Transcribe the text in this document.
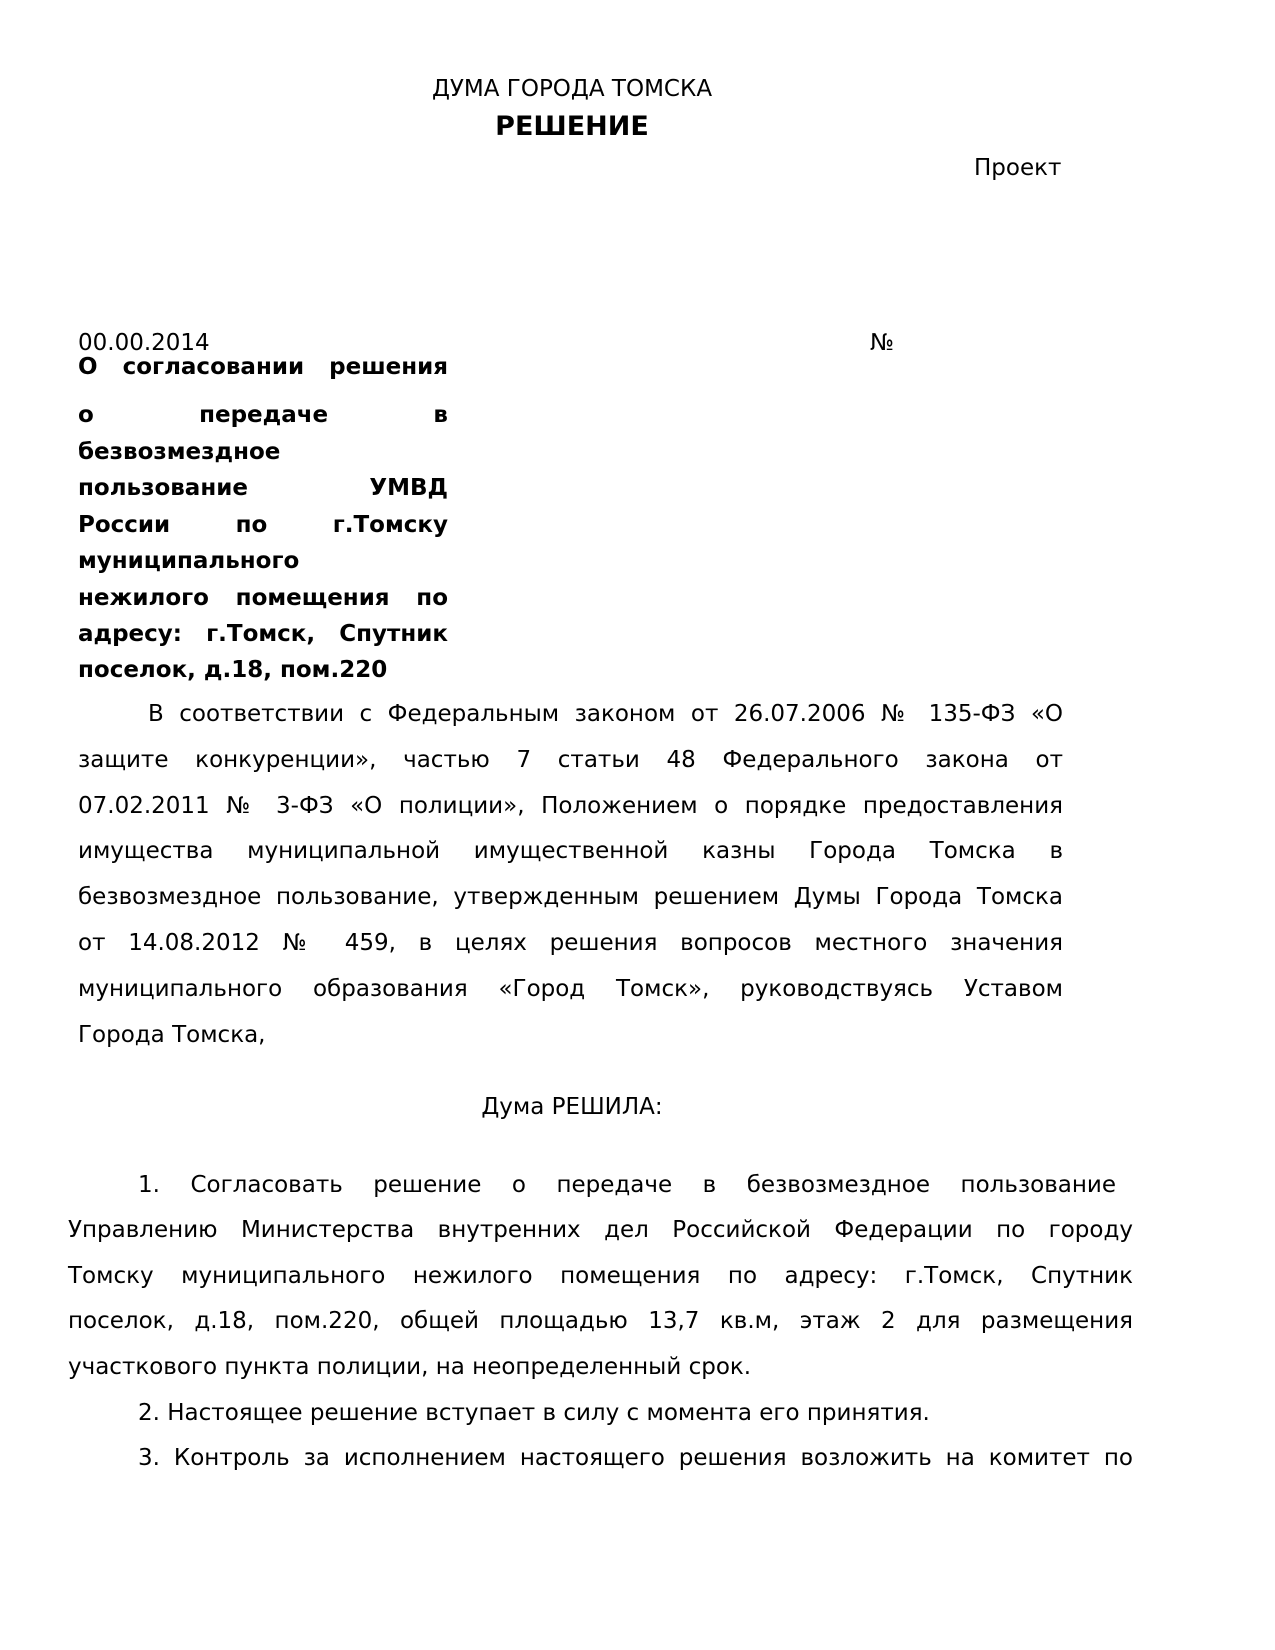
ДУМА ГОРОДА ТОМСКА
РЕШЕНИЕ
Проект
00.00.2014	№
О согласовании решения
о передаче в
безвозмездное
пользование УМВД
России по г.Томску
муниципального
нежилого помещения по
адресу: г.Томск, Спутник
поселок, д.18, пом.220
В соответствии с Федеральным законом от 26.07.2006 № 135-ФЗ «О
защите конкуренции», частью 7 статьи 48 Федерального закона от
07.02.2011 № 3-ФЗ «О полиции», Положением о порядке предоставления
имущества муниципальной имущественной казны Города Томска в
безвозмездное пользование, утвержденным решением Думы Города Томска
от 14.08.2012 № 459, в целях решения вопросов местного значения
муниципального образования «Город Томск», руководствуясь Уставом
Города Томска,
Дума РЕШИЛА:
1. Согласовать решение о передаче в безвозмездное пользование
Управлению Министерства внутренних дел Российской Федерации по городу
Томску муниципального нежилого помещения по адресу: г.Томск, Спутник
поселок, д.18, пом.220, общей площадью 13,7 кв.м, этаж 2 для размещения
участкового пункта полиции, на неопределенный срок.
2. Настоящее решение вступает в силу с момента его принятия.
3. Контроль за исполнением настоящего решения возложить на комитет по
